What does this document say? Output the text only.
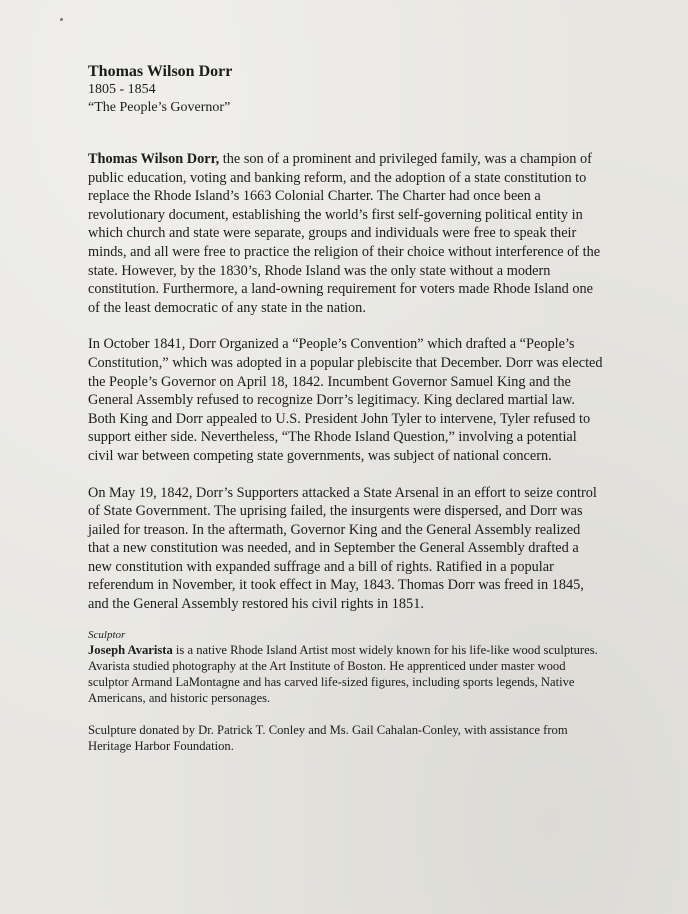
Thomas Wilson Dorr

1805 - 1854

“The People’s Governor”

Thomas Wilson Dorr, the son of a prominent and privileged family, was a champion of public education, voting and banking reform, and the adoption of a state constitution to replace the Rhode Island’s 1663 Colonial Charter. The Charter had once been a revolutionary document, establishing the world’s first self-governing political entity in which church and state were separate, groups and individuals were free to speak their minds, and all were free to practice the religion of their choice without interference of the state. However, by the 1830’s, Rhode Island was the only state without a modern constitution. Furthermore, a land-owning requirement for voters made Rhode Island one of the least democratic of any state in the nation.

In October 1841, Dorr Organized a “People’s Convention” which drafted a “People’s Constitution,” which was adopted in a popular plebiscite that December. Dorr was elected the People’s Governor on April 18, 1842. Incumbent Governor Samuel King and the General Assembly refused to recognize Dorr’s legitimacy. King declared martial law. Both King and Dorr appealed to U.S. President John Tyler to intervene, Tyler refused to support either side. Nevertheless, “The Rhode Island Question,” involving a potential civil war between competing state governments, was subject of national concern.

On May 19, 1842, Dorr’s Supporters attacked a State Arsenal in an effort to seize control of State Government. The uprising failed, the insurgents were dispersed, and Dorr was jailed for treason. In the aftermath, Governor King and the General Assembly realized that a new constitution was needed, and in September the General Assembly drafted a new constitution with expanded suffrage and a bill of rights. Ratified in a popular referendum in November, it took effect in May, 1843. Thomas Dorr was freed in 1845, and the General Assembly restored his civil rights in 1851.

Sculptor

Joseph Avarista is a native Rhode Island Artist most widely known for his life-like wood sculptures. Avarista studied photography at the Art Institute of Boston. He apprenticed under master wood sculptor Armand LaMontagne and has carved life-sized figures, including sports legends, Native Americans, and historic personages.

Sculpture donated by Dr. Patrick T. Conley and Ms. Gail Cahalan-Conley, with assistance from Heritage Harbor Foundation.
